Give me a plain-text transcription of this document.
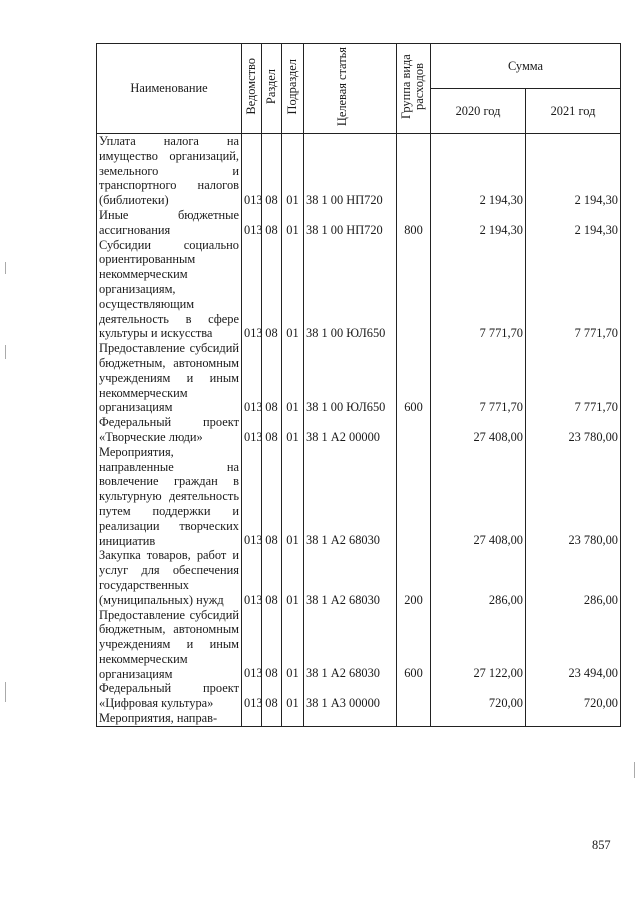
Наименование	Ведомство	Раздел	Подраздел	Целевая статья	Группа вида расходов	Сумма	
						2020 год	2021 год
Уплата налога на имущество организаций, земельного и транспортного налогов (библиотеки)	013	08	01	38 1 00 НП720		2 194,30	2 194,30
Иные бюджетные ассигнования	013	08	01	38 1 00 НП720	800	2 194,30	2 194,30
Субсидии социально ориентированным некоммерческим организациям, осуществляющим деятельность в сфере культуры и искусства	013	08	01	38 1 00 ЮЛ650		7 771,70	7 771,70
Предоставление субсидий бюджетным, автономным учреждениям и иным некоммерческим организациям	013	08	01	38 1 00 ЮЛ650	600	7 771,70	7 771,70
Федеральный проект «Творческие люди»	013	08	01	38 1 А2 00000		27 408,00	23 780,00
Мероприятия, направленные на вовлечение граждан в культурную деятельность путем поддержки и реализации творческих инициатив	013	08	01	38 1 А2 68030		27 408,00	23 780,00
Закупка товаров, работ и услуг для обеспечения государственных (муниципальных) нужд	013	08	01	38 1 А2 68030	200	286,00	286,00
Предоставление субсидий бюджетным, автономным учреждениям и иным некоммерческим организациям	013	08	01	38 1 А2 68030	600	27 122,00	23 494,00
Федеральный проект «Цифровая культура»	013	08	01	38 1 А3 00000		720,00	720,00
Мероприятия, направ-							
857
